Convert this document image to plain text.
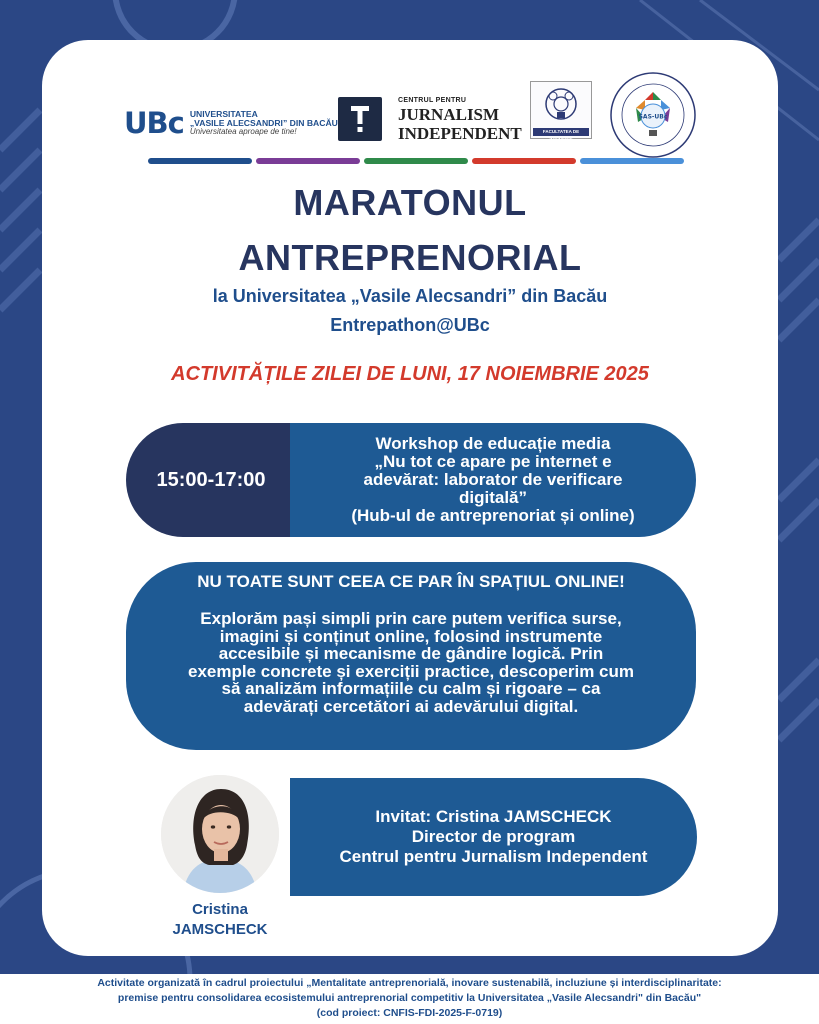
UBc UNIVERSITATEA
„VASILE ALECSANDRI” DIN BACĂU
Universitatea aproape de tine!
CENTRUL PENTRU
JURNALISM
INDEPENDENT	FACULTATEA DE INGINERIE
SAS-UBc
MARATONUL
ANTREPRENORIAL
la Universitatea „Vasile Alecsandri” din Bacău
Entrepathon@UBc
ACTIVITĂȚILE ZILEI DE LUNI, 17 NOIEMBRIE 2025
15:00-17:00
Workshop de educație media
„Nu tot ce apare pe internet e
adevărat: laborator de verificare
digitală”
(Hub-ul de antreprenoriat și online)
NU TOATE SUNT CEEA CE PAR ÎN SPAȚIUL ONLINE!
Explorăm pași simpli prin care putem verifica surse,
imagini și conținut online, folosind instrumente
accesibile și mecanisme de gândire logică. Prin
exemple concrete și exerciții practice, descoperim cum
să analizăm informațiile cu calm și rigoare – ca
adevărați cercetători ai adevărului digital.
Cristina
JAMSCHECK
Invitat: Cristina JAMSCHECK
Director de program
Centrul pentru Jurnalism Independent
Activitate organizată în cadrul proiectului „Mentalitate antreprenorială, inovare sustenabilă, incluziune și interdisciplinaritate:
premise pentru consolidarea ecosistemului antreprenorial competitiv la Universitatea „Vasile Alecsandri" din Bacău"
(cod proiect: CNFIS-FDI-2025-F-0719)
